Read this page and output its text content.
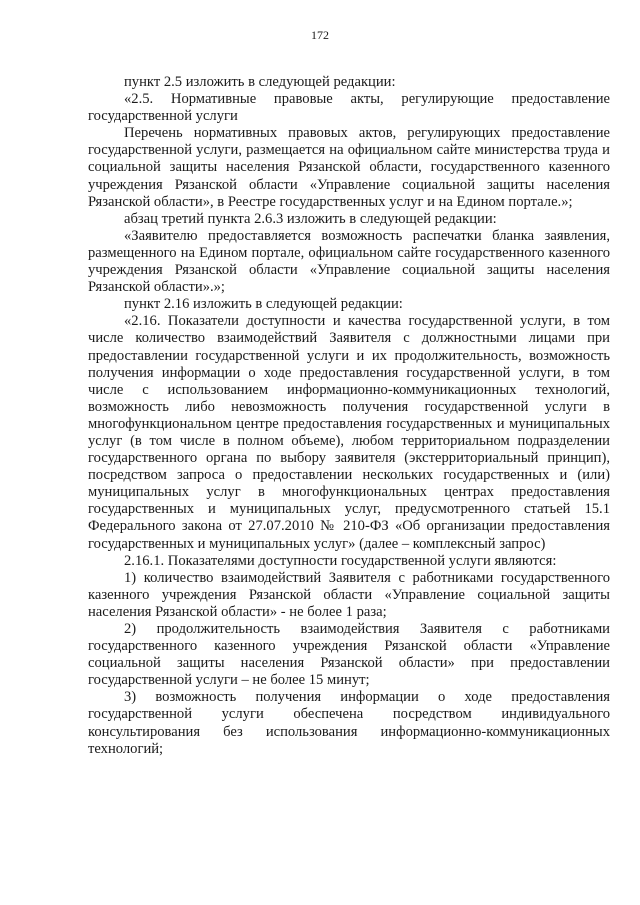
172

пункт 2.5 изложить в следующей редакции:

«2.5. Нормативные правовые акты, регулирующие предоставление государственной услуги

Перечень нормативных правовых актов, регулирующих предоставление государственной услуги, размещается на официальном сайте министерства труда и социальной защиты населения Рязанской области, государственного казенного учреждения Рязанской области «Управление социальной защиты населения Рязанской области», в Реестре государственных услуг и на Едином портале.»;

абзац третий пункта 2.6.3 изложить в следующей редакции:

«Заявителю предоставляется возможность распечатки бланка заявления, размещенного на Едином портале, официальном сайте государственного казенного учреждения Рязанской области «Управление социальной защиты населения Рязанской области».»;

пункт 2.16 изложить в следующей редакции:

«2.16. Показатели доступности и качества государственной услуги, в том числе количество взаимодействий Заявителя с должностными лицами при предоставлении государственной услуги и их продолжительность, возможность получения информации о ходе предоставления государственной услуги, в том числе с использованием информационно-коммуникационных технологий, возможность либо невозможность получения государственной услуги в многофункциональном центре предоставления государственных и муниципальных услуг (в том числе в полном объеме), любом территориальном подразделении государственного органа по выбору заявителя (экстерриториальный принцип), посредством запроса о предоставлении нескольких государственных и (или) муниципальных услуг в многофункциональных центрах предоставления государственных и муниципальных услуг, предусмотренного статьей 15.1 Федерального закона от 27.07.2010 № 210-ФЗ «Об организации предоставления государственных и муниципальных услуг» (далее – комплексный запрос)

2.16.1. Показателями доступности государственной услуги являются:

1) количество взаимодействий Заявителя с работниками государственного казенного учреждения Рязанской области «Управление социальной защиты населения Рязанской области» - не более 1 раза;

2) продолжительность взаимодействия Заявителя с работниками государственного казенного учреждения Рязанской области «Управление социальной защиты населения Рязанской области» при предоставлении государственной услуги – не более 15 минут;

3) возможность получения информации о ходе предоставления государственной услуги обеспечена посредством индивидуального консультирования без использования информационно-коммуникационных технологий;
